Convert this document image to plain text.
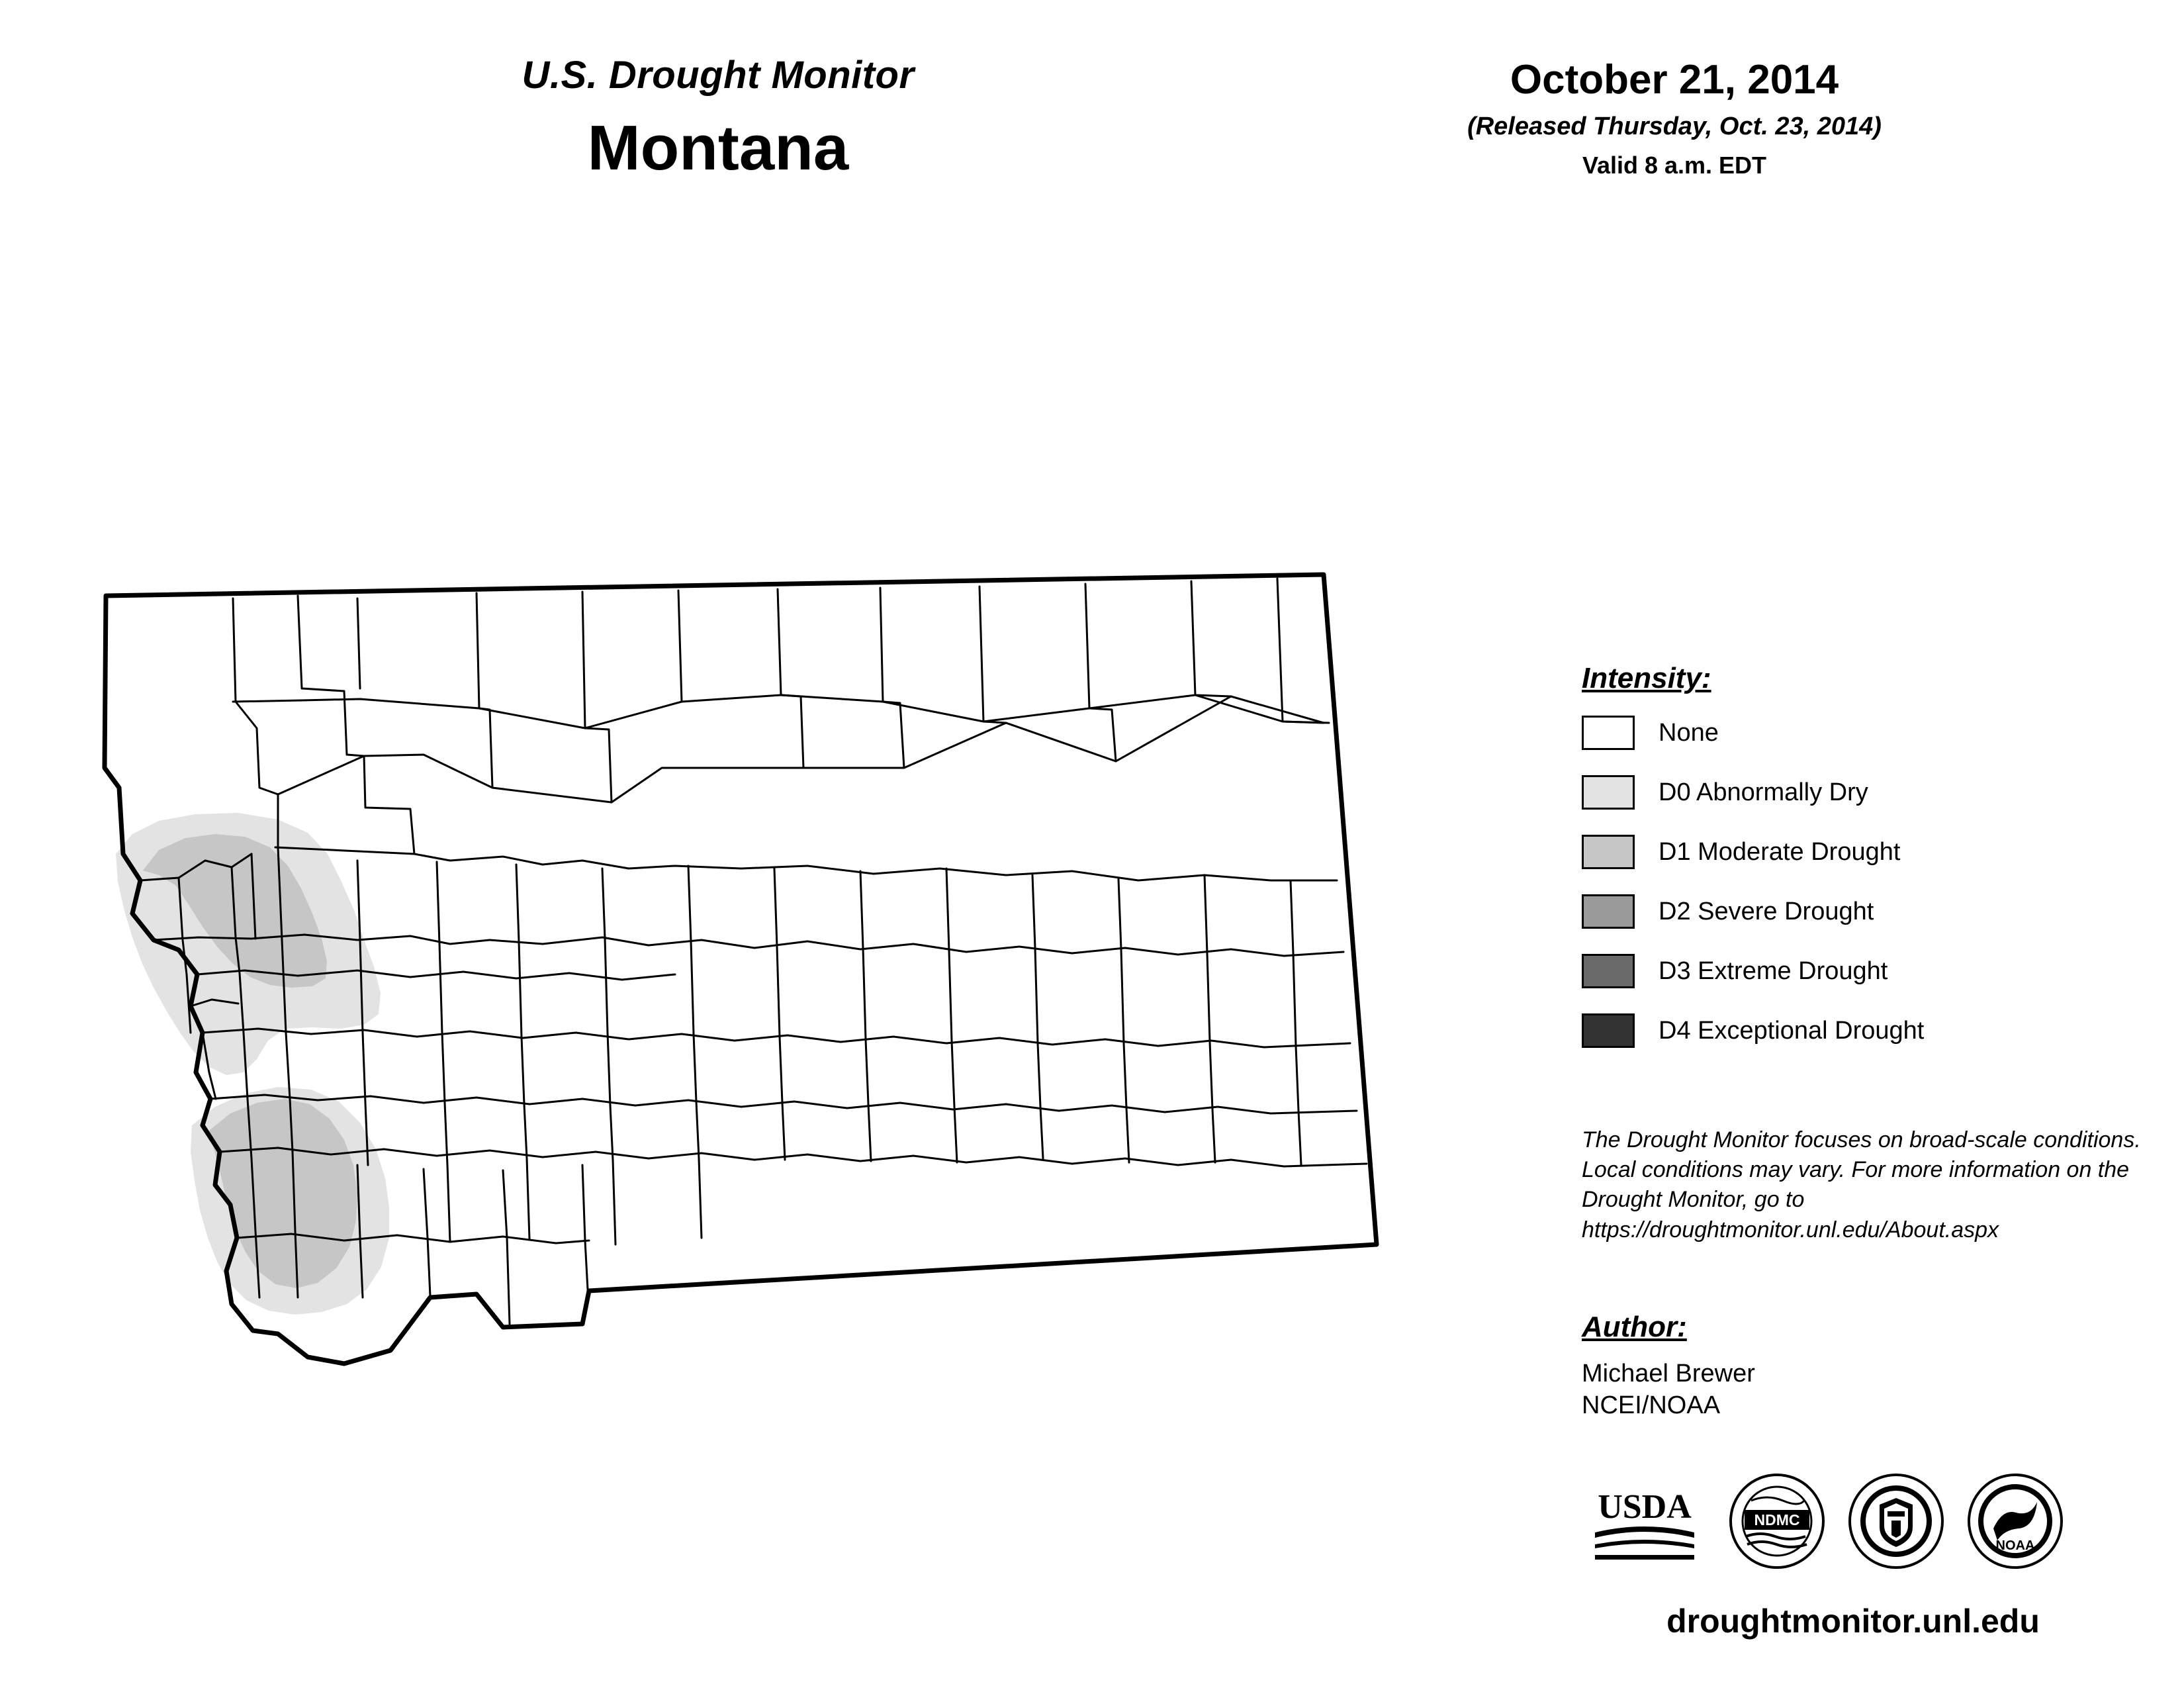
U.S. Drought Monitor
Montana
October 21, 2014
(Released Thursday, Oct. 23, 2014)
Valid 8 a.m. EDT
Intensity:
None
D0 Abnormally Dry
D1 Moderate Drought
D2 Severe Drought
D3 Extreme Drought
D4 Exceptional Drought
The Drought Monitor focuses on broad-scale conditions. Local conditions may vary. For more information on the Drought Monitor, go to https://droughtmonitor.unl.edu/About.aspx
Author:
Michael Brewer
NCEI/NOAA
USDA	NDMC
NOAA
droughtmonitor.unl.edu
